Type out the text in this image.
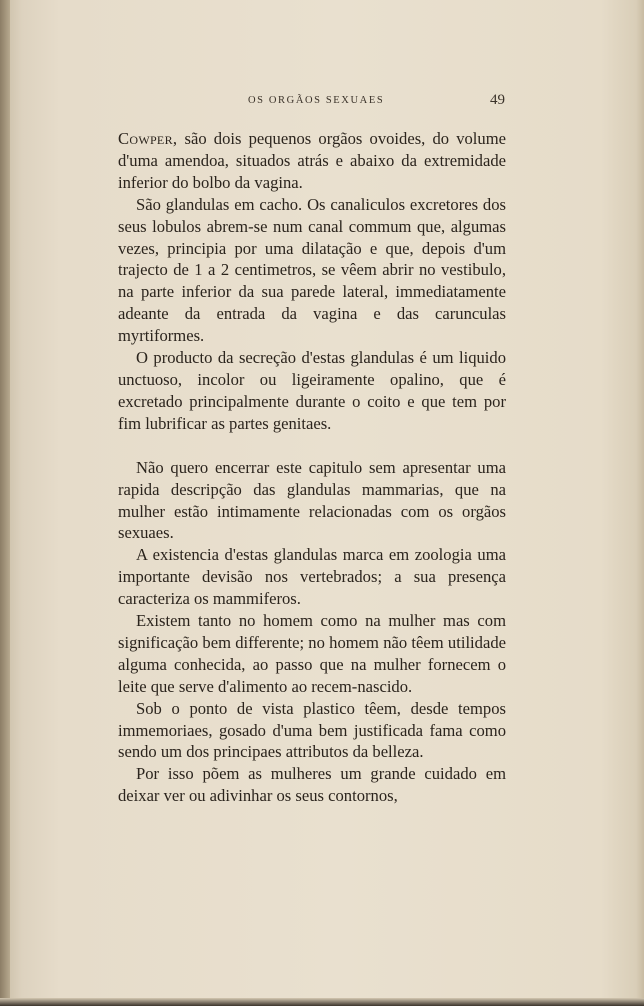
OS ORGÃOS SEXUAES	49

Cowper, são dois pequenos orgãos ovoides, do volume d'uma amendoa, situados atrás e abaixo da extremidade inferior do bolbo da vagina.

São glandulas em cacho. Os canaliculos excretores dos seus lobulos abrem-se num canal commum que, algumas vezes, principia por uma dilatação e que, depois d'um trajecto de 1 a 2 centimetros, se vêem abrir no vestibulo, na parte inferior da sua parede lateral, immediatamente adeante da entrada da vagina e das carunculas myrtiformes.

O producto da secreção d'estas glandulas é um liquido unctuoso, incolor ou ligeiramente opalino, que é excretado principalmente durante o coito e que tem por fim lubrificar as partes genitaes.

Não quero encerrar este capitulo sem apresentar uma rapida descripção das glandulas mammarias, que na mulher estão intimamente relacionadas com os orgãos sexuaes.

A existencia d'estas glandulas marca em zoologia uma importante devisão nos vertebrados; a sua presença caracteriza os mammiferos.

Existem tanto no homem como na mulher mas com significação bem differente; no homem não têem utilidade alguma conhecida, ao passo que na mulher fornecem o leite que serve d'alimento ao recem-nascido.

Sob o ponto de vista plastico têem, desde tempos immemoriaes, gosado d'uma bem justificada fama como sendo um dos principaes attributos da belleza.

Por isso põem as mulheres um grande cuidado em deixar ver ou adivinhar os seus contornos,
